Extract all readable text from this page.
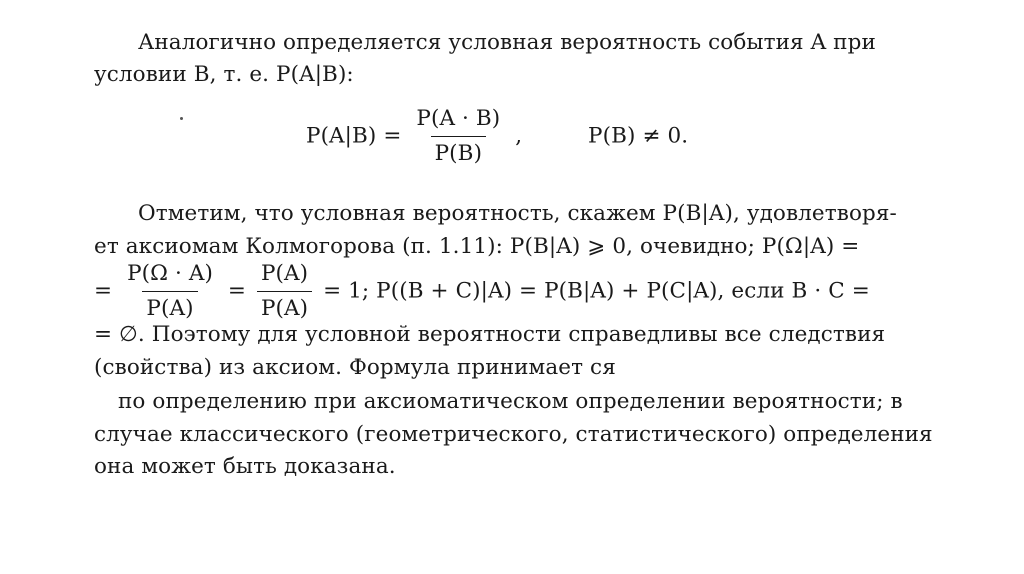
Аналогично определяется условная вероятность события A при
условии B, т. е. P(A|B):
$P(A|B) = \frac{P(A \cdot B)}{P(B)}$ ,	P(B) ≠ 0.
Отметим, что условная вероятность, скажем P(B|A), удовлетворя-
ет аксиомам Колмогорова (п. 1.11): P(B|A) ⩾ 0, очевидно; P(Ω|A) =
= $\frac{P(\Omega \cdot A)}{P(A)} = \frac{P(A)}{P(A)} = 1$; P((B + C)|A) = P(B|A) + P(C|A), если B · C =
= ∅. Поэтому для условной вероятности справедливы все следствия
(свойства) из аксиом. Формула принимает ся
по определению при аксиоматическом определении вероятности; в
случае классического (геометрического, статистического) определения
она может быть доказана.
